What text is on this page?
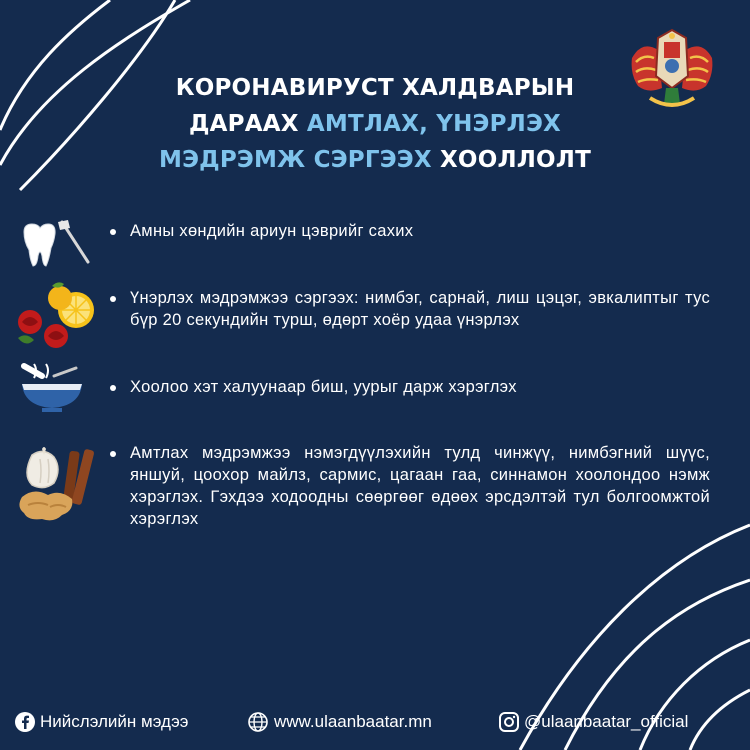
КОРОНАВИРУСТ ХАЛДВАРЫН
ДАРААХ АМТЛАХ, ҮНЭРЛЭХ
МЭДРЭМЖ СЭРГЭЭХ ХООЛЛОЛТ
Амны хөндийн ариун цэврийг сахих
Үнэрлэх мэдрэмжээ сэргээх: нимбэг, сарнай, лиш цэцэг, эвкалиптыг тус бүр 20 секундийн турш, өдөрт хоёр удаа үнэрлэх
Хоолоо хэт халуунаар биш, уурыг дарж хэрэглэх
Амтлах мэдрэмжээ нэмэгдүүлэхийн тулд чинжүү, нимбэгний шүүс, яншуй, цоохор майлз, сармис, цагаан гаа, синнамон хоолондоо нэмж хэрэглэх. Гэхдээ ходоодны сөөргөөг өдөөх эрсдэлтэй тул болгоомжтой хэрэглэх
Нийслэлийн мэдээ	www.ulaanbaatar.mn	@ulaanbaatar_official
